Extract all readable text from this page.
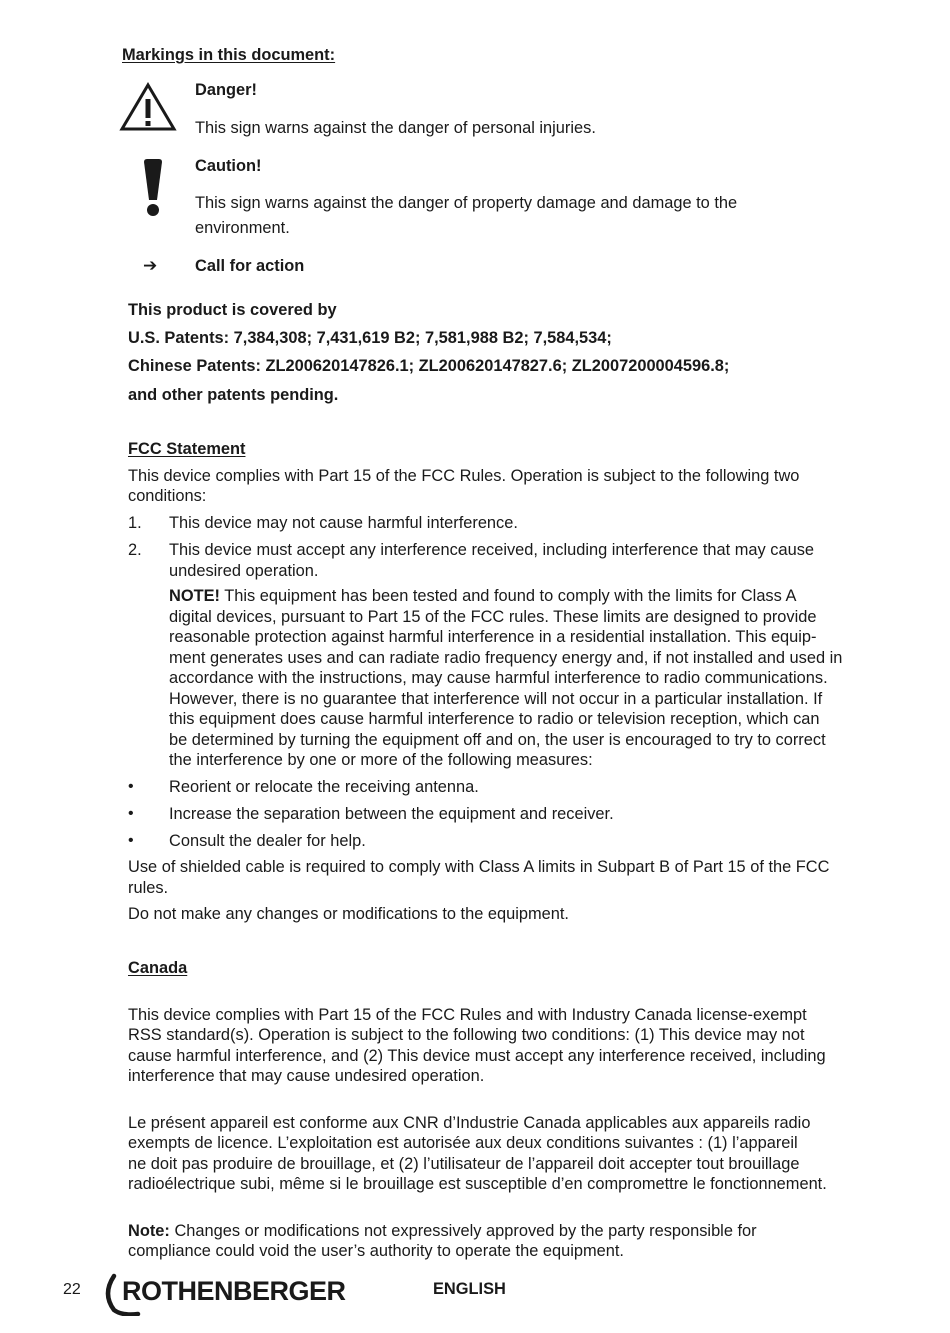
Markings in this document:
Danger!
This sign warns against the danger of personal injuries.
Caution!
This sign warns against the danger of property damage and damage to the
environment.
➔ Call for action
This product is covered by
U.S. Patents: 7,384,308; 7,431,619 B2; 7,581,988 B2; 7,584,534;
Chinese Patents: ZL200620147826.1; ZL200620147827.6; ZL2007200004596.8;
and other patents pending.
FCC Statement
This device complies with Part 15 of the FCC Rules. Operation is subject to the following two
conditions:
1. This device may not cause harmful interference.
2. This device must accept any interference received, including interference that may cause
undesired operation.
NOTE! This equipment has been tested and found to comply with the limits for Class A
digital devices, pursuant to Part 15 of the FCC rules. These limits are designed to provide
reasonable protection against harmful interference in a residential installation. This equip-
ment generates uses and can radiate radio frequency energy and, if not installed and used in
accordance with the instructions, may cause harmful interference to radio communications.
However, there is no guarantee that interference will not occur in a particular installation. If
this equipment does cause harmful interference to radio or television reception, which can
be determined by turning the equipment off and on, the user is encouraged to try to correct
the interference by one or more of the following measures:
• Reorient or relocate the receiving antenna.
• Increase the separation between the equipment and receiver.
• Consult the dealer for help.
Use of shielded cable is required to comply with Class A limits in Subpart B of Part 15 of the FCC
rules.
Do not make any changes or modifications to the equipment.
Canada
This device complies with Part 15 of the FCC Rules and with Industry Canada license-exempt
RSS standard(s). Operation is subject to the following two conditions: (1) This device may not
cause harmful interference, and (2) This device must accept any interference received, including
interference that may cause undesired operation.
Le présent appareil est conforme aux CNR d’Industrie Canada applicables aux appareils radio
exempts de licence. L’exploitation est autorisée aux deux conditions suivantes : (1) l’appareil
ne doit pas produire de brouillage, et (2) l’utilisateur de l’appareil doit accepter tout brouillage
radioélectrique subi, même si le brouillage est susceptible d’en compromettre le fonctionnement.
Note: Changes or modifications not expressively approved by the party responsible for
compliance could void the user’s authority to operate the equipment.
22 ROTHENBERGER	ENGLISH
